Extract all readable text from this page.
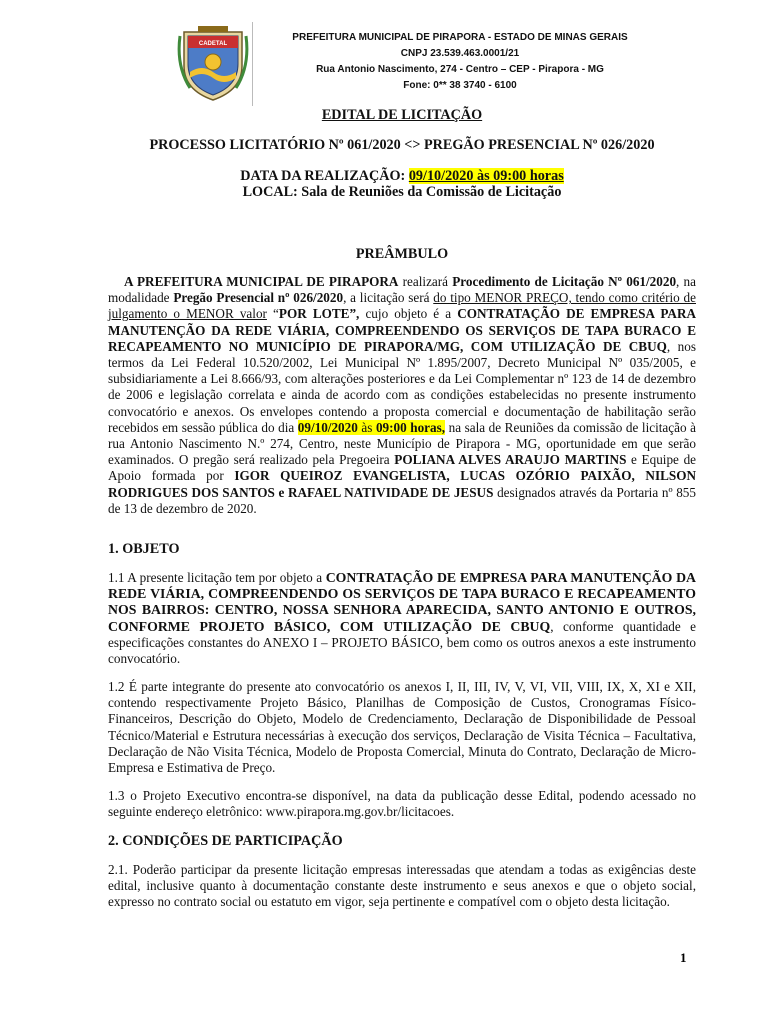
CADETAL
PREFEITURA MUNICIPAL DE PIRAPORA - ESTADO DE MINAS GERAIS
CNPJ 23.539.463.0001/21
Rua Antonio Nascimento, 274 - Centro – CEP - Pirapora - MG
Fone: 0** 38 3740 - 6100
EDITAL DE LICITAÇÃO
PROCESSO LICITATÓRIO Nº 061/2020 <> PREGÃO PRESENCIAL Nº 026/2020
DATA DA REALIZAÇÃO: 09/10/2020 às 09:00 horas
LOCAL: Sala de Reuniões da Comissão de Licitação
PREÂMBULO
A PREFEITURA MUNICIPAL DE PIRAPORA realizará Procedimento de Licitação Nº 061/2020, na modalidade Pregão Presencial nº 026/2020, a licitação será do tipo MENOR PREÇO, tendo como critério de julgamento o MENOR valor “POR LOTE”, cujo objeto é a CONTRATAÇÃO DE EMPRESA PARA MANUTENÇÃO DA REDE VIÁRIA, COMPREENDENDO OS SERVIÇOS DE TAPA BURACO E RECAPEAMENTO NO MUNICÍPIO DE PIRAPORA/MG, COM UTILIZAÇÃO DE CBUQ, nos termos da Lei Federal 10.520/2002, Lei Municipal Nº 1.895/2007, Decreto Municipal Nº 035/2005, e subsidiariamente a Lei 8.666/93, com alterações posteriores e da Lei Complementar nº 123 de 14 de dezembro de 2006 e legislação correlata e ainda de acordo com as condições estabelecidas no presente instrumento convocatório e anexos. Os envelopes contendo a proposta comercial e documentação de habilitação serão recebidos em sessão pública do dia 09/10/2020 às 09:00 horas, na sala de Reuniões da comissão de licitação à rua Antonio Nascimento N.º 274, Centro, neste Município de Pirapora - MG, oportunidade em que serão examinados. O pregão será realizado pela Pregoeira POLIANA ALVES ARAUJO MARTINS e Equipe de Apoio formada por IGOR QUEIROZ EVANGELISTA, LUCAS OZÓRIO PAIXÃO, NILSON RODRIGUES DOS SANTOS e RAFAEL NATIVIDADE DE JESUS designados através da Portaria nº 855 de 13 de dezembro de 2020.
1. OBJETO
1.1 A presente licitação tem por objeto a CONTRATAÇÃO DE EMPRESA PARA MANUTENÇÃO DA REDE VIÁRIA, COMPREENDENDO OS SERVIÇOS DE TAPA BURACO E RECAPEAMENTO NOS BAIRROS: CENTRO, NOSSA SENHORA APARECIDA, SANTO ANTONIO E OUTROS, CONFORME PROJETO BÁSICO, COM UTILIZAÇÃO DE CBUQ, conforme quantidade e especificações constantes do ANEXO I – PROJETO BÁSICO, bem como os outros anexos a este instrumento convocatório.
1.2 É parte integrante do presente ato convocatório os anexos I, II, III, IV, V, VI, VII, VIII, IX, X, XI e XII, contendo respectivamente Projeto Básico, Planilhas de Composição de Custos, Cronogramas Físico-Financeiros, Descrição do Objeto, Modelo de Credenciamento, Declaração de Disponibilidade de Pessoal Técnico/Material e Estrutura necessárias à execução dos serviços, Declaração de Visita Técnica – Facultativa, Declaração de Não Visita Técnica, Modelo de Proposta Comercial, Minuta do Contrato, Declaração de Micro-Empresa e Estimativa de Preço.
1.3 o Projeto Executivo encontra-se disponível, na data da publicação desse Edital, podendo acessado no seguinte endereço eletrônico: www.pirapora.mg.gov.br/licitacoes.
2. CONDIÇÕES DE PARTICIPAÇÃO
2.1. Poderão participar da presente licitação empresas interessadas que atendam a todas as exigências deste edital, inclusive quanto à documentação constante deste instrumento e seus anexos e que o objeto social, expresso no contrato social ou estatuto em vigor, seja pertinente e compatível com o objeto desta licitação.
1
